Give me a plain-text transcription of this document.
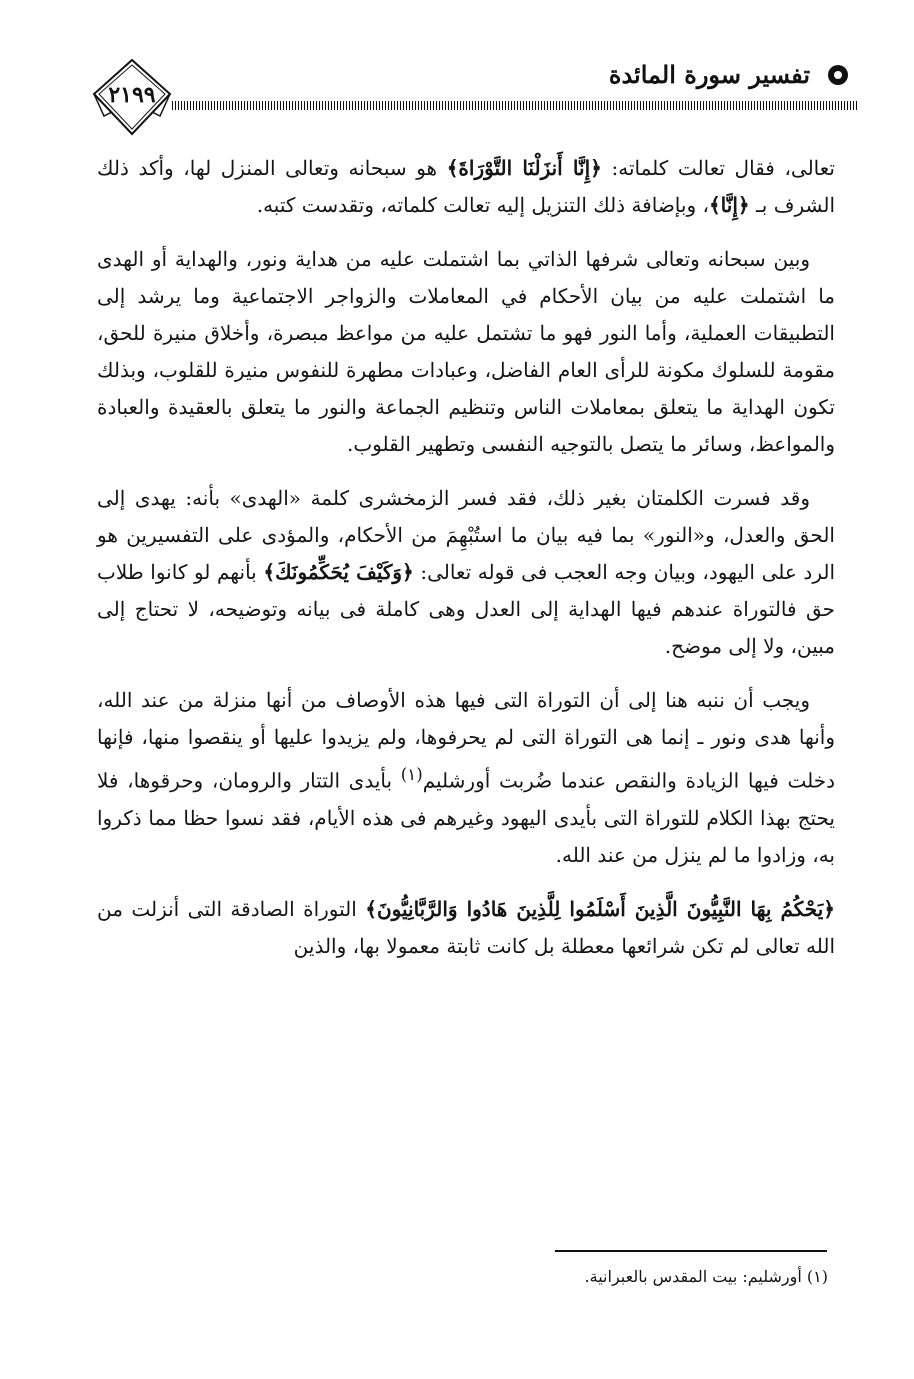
تفسير سورة المائدة
٢١٩٩

تعالى، فقال تعالت كلماته: ﴿إِنَّا أَنزَلْنَا التَّوْرَاةَ﴾ هو سبحانه وتعالى المنزل لها، وأكد ذلك الشرف بـ ﴿إِنَّا﴾، وبإضافة ذلك التنزيل إليه تعالت كلماته، وتقدست كتبه.

وبين سبحانه وتعالى شرفها الذاتي بما اشتملت عليه من هداية ونور، والهداية أو الهدى ما اشتملت عليه من بيان الأحكام في المعاملات والزواجر الاجتماعية وما يرشد إلى التطبيقات العملية، وأما النور فهو ما تشتمل عليه من مواعظ مبصرة، وأخلاق منيرة للحق، مقومة للسلوك مكونة للرأى العام الفاضل، وعبادات مطهرة للنفوس منيرة للقلوب، وبذلك تكون الهداية ما يتعلق بمعاملات الناس وتنظيم الجماعة والنور ما يتعلق بالعقيدة والعبادة والمواعظ، وسائر ما يتصل بالتوجيه النفسى وتطهير القلوب.

وقد فسرت الكلمتان بغير ذلك، فقد فسر الزمخشرى كلمة «الهدى» بأنه: يهدى إلى الحق والعدل، و«النور» بما فيه بيان ما استُبْهِمَ من الأحكام، والمؤدى على التفسيرين هو الرد على اليهود، وبيان وجه العجب فى قوله تعالى: ﴿وَكَيْفَ يُحَكِّمُونَكَ﴾ بأنهم لو كانوا طلاب حق فالتوراة عندهم فيها الهداية إلى العدل وهى كاملة فى بيانه وتوضيحه، لا تحتاج إلى مبين، ولا إلى موضح.

ويجب أن ننبه هنا إلى أن التوراة التى فيها هذه الأوصاف من أنها منزلة من عند الله، وأنها هدى ونور ـ إنما هى التوراة التى لم يحرفوها، ولم يزيدوا عليها أو ينقصوا منها، فإنها دخلت فيها الزيادة والنقص عندما ضُربت أورشليم$^{(١)}$ بأيدى التتار والرومان، وحرقوها، فلا يحتج بهذا الكلام للتوراة التى بأيدى اليهود وغيرهم فى هذه الأيام، فقد نسوا حظا مما ذكروا به، وزادوا ما لم ينزل من عند الله.

﴿يَحْكُمُ بِهَا النَّبِيُّونَ الَّذِينَ أَسْلَمُوا لِلَّذِينَ هَادُوا وَالرَّبَّانِيُّونَ﴾ التوراة الصادقة التى أنزلت من الله تعالى لم تكن شرائعها معطلة بل كانت ثابتة معمولا بها، والذين

(١) أورشليم: بيت المقدس بالعبرانية.
